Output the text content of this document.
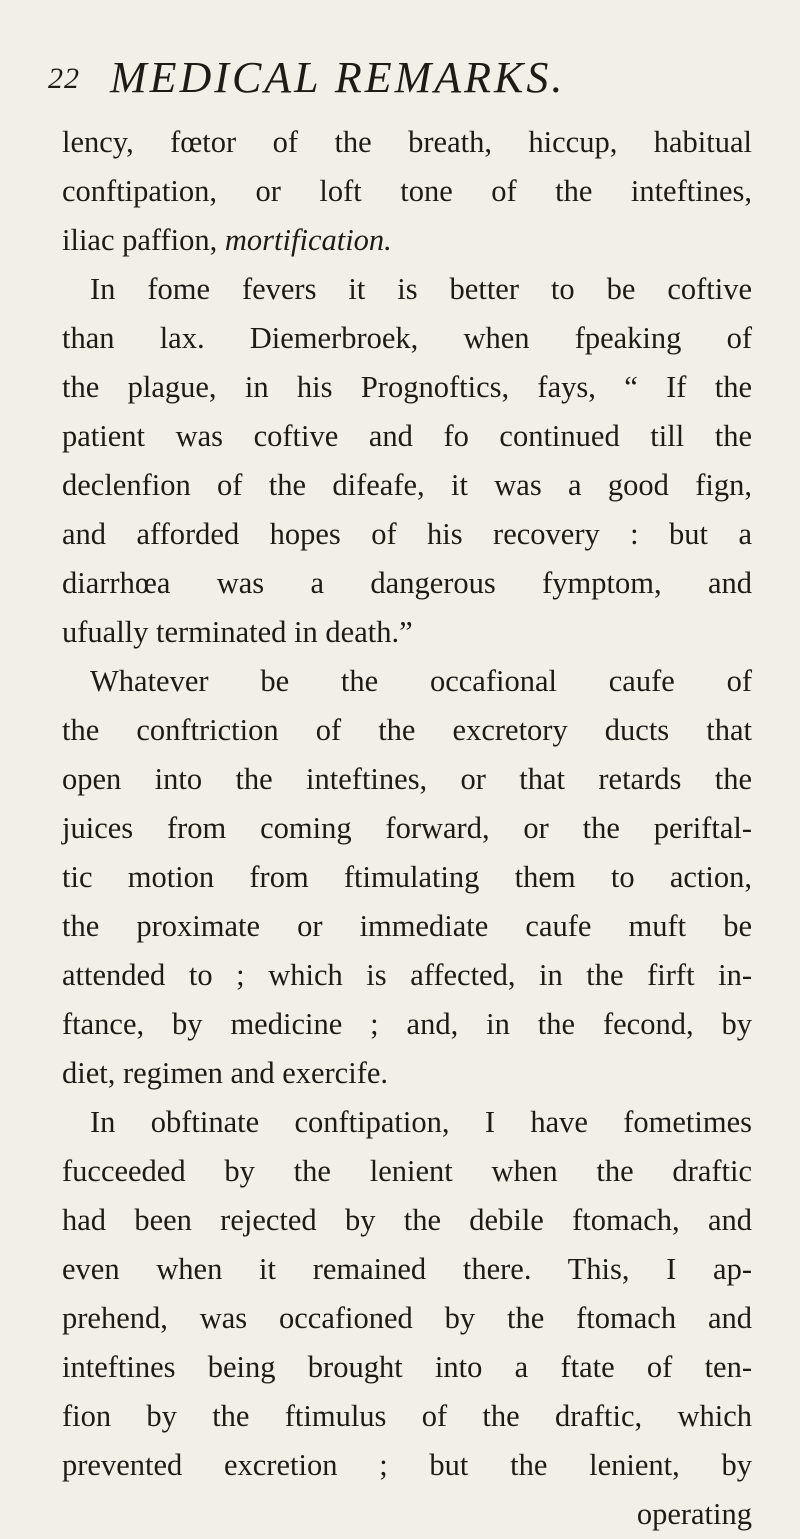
22 MEDICAL REMARKS.
lency, fœtor of the breath, hiccup, habitual
conftipation, or loft tone of the inteftines,
iliac paffion, mortification.
In fome fevers it is better to be coftive
than lax. Diemerbroek, when fpeaking of
the plague, in his Prognoftics, fays, “ If the
patient was coftive and fo continued till the
declenfion of the difeafe, it was a good fign,
and afforded hopes of his recovery : but a
diarrhœa was a dangerous fymptom, and
ufually terminated in death.”
Whatever be the occafional caufe of
the conftriction of the excretory ducts that
open into the inteftines, or that retards the
juices from coming forward, or the periftal-
tic motion from ftimulating them to action,
the proximate or immediate caufe muft be
attended to ; which is affected, in the firft in-
ftance, by medicine ; and, in the fecond, by
diet, regimen and exercife.
In obftinate conftipation, I have fometimes
fucceeded by the lenient when the draftic
had been rejected by the debile ftomach, and
even when it remained there. This, I ap-
prehend, was occafioned by the ftomach and
inteftines being brought into a ftate of ten-
fion by the ftimulus of the draftic, which
prevented excretion ; but the lenient, by
operating
